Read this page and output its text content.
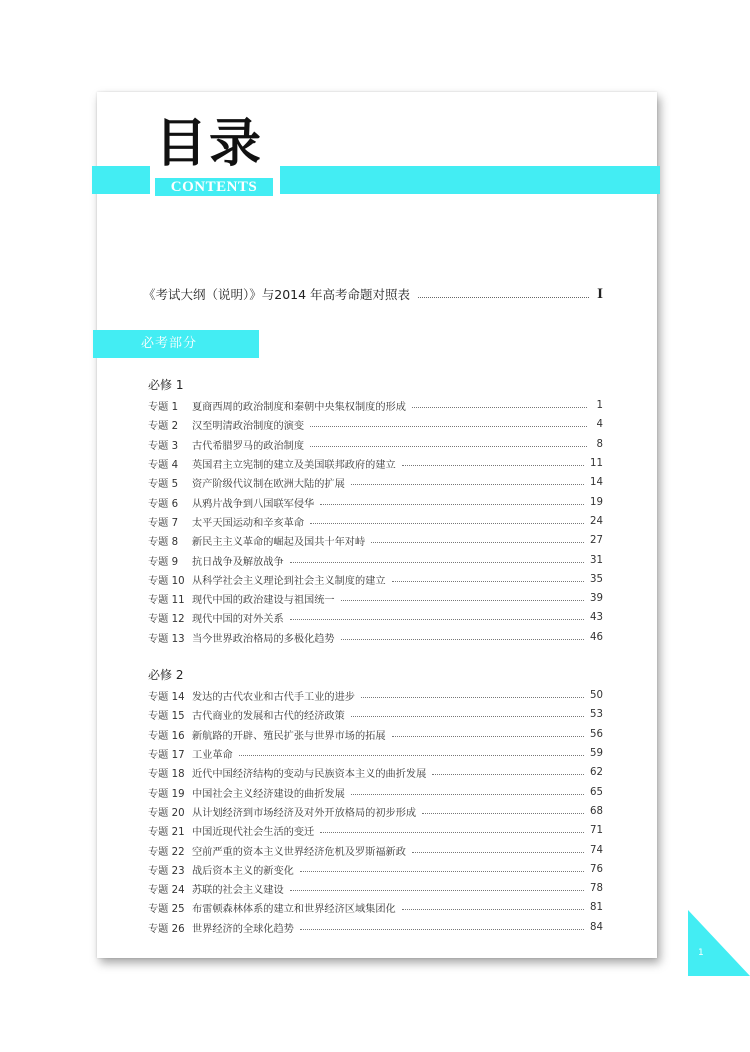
目录
CONTENTS
《考试大纲（说明）》与2014 年高考命题对照表	I
必考部分
必修 1
专题 1	夏商西周的政治制度和秦朝中央集权制度的形成	1
专题 2	汉至明清政治制度的演变	4
专题 3	古代希腊罗马的政治制度	8
专题 4	英国君主立宪制的建立及美国联邦政府的建立	11
专题 5	资产阶级代议制在欧洲大陆的扩展	14
专题 6	从鸦片战争到八国联军侵华	19
专题 7	太平天国运动和辛亥革命	24
专题 8	新民主主义革命的崛起及国共十年对峙	27
专题 9	抗日战争及解放战争	31
专题 10 从科学社会主义理论到社会主义制度的建立	35
专题 11 现代中国的政治建设与祖国统一	39
专题 12 现代中国的对外关系	43
专题 13 当今世界政治格局的多极化趋势	46
必修 2
专题 14 发达的古代农业和古代手工业的进步	50
专题 15 古代商业的发展和古代的经济政策	53
专题 16 新航路的开辟、殖民扩张与世界市场的拓展	56
专题 17 工业革命	59
专题 18 近代中国经济结构的变动与民族资本主义的曲折发展	62
专题 19 中国社会主义经济建设的曲折发展	65
专题 20 从计划经济到市场经济及对外开放格局的初步形成	68
专题 21 中国近现代社会生活的变迁	71
专题 22 空前严重的资本主义世界经济危机及罗斯福新政	74
专题 23 战后资本主义的新变化	76
专题 24 苏联的社会主义建设	78
专题 25 布雷顿森林体系的建立和世界经济区域集团化	81
专题 26 世界经济的全球化趋势	84
1
